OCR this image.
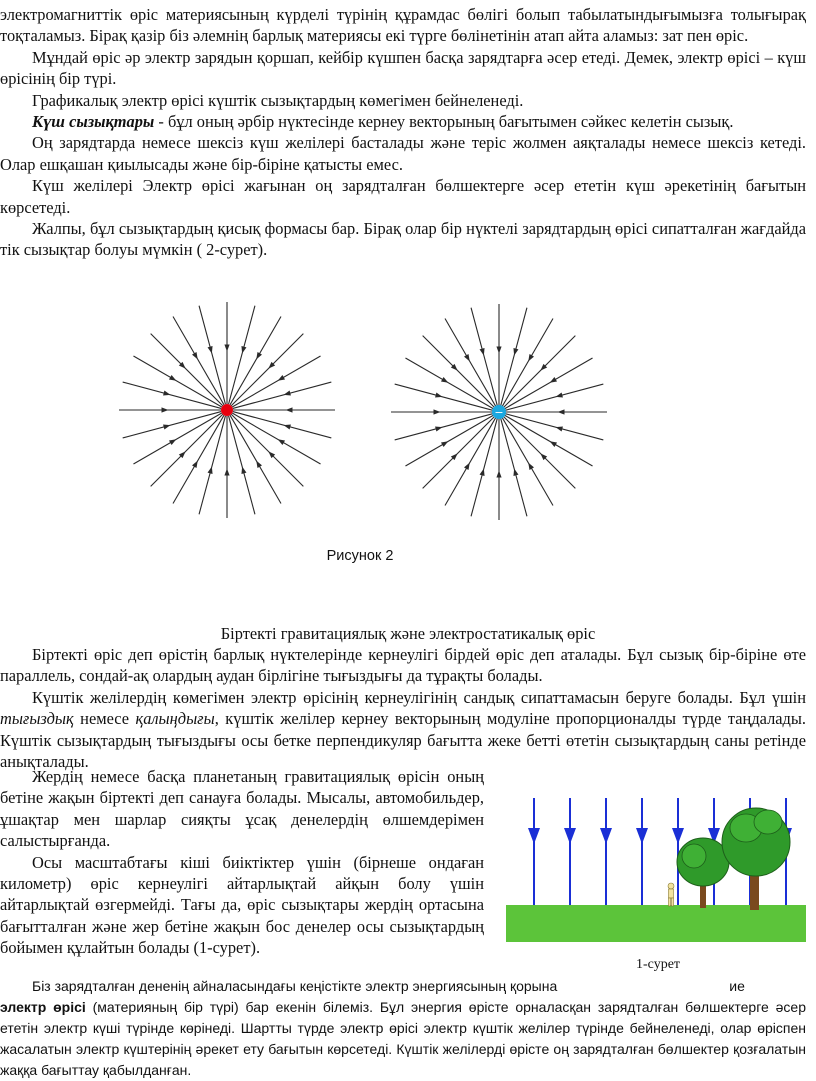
электромагниттік өріс материясының күрделі түрінің құрамдас бөлігі болып табылатындығымызға толығырақ тоқталамыз. Бірақ қазір біз әлемнің барлық материясы екі түрге бөлінетінін атап айта аламыз: зат пен өріс.

Мұндай өріс әр электр зарядын қоршап, кейбір күшпен басқа зарядтарға әсер етеді. Демек, электр өрісі – күш өрісінің бір түрі.

Графикалық электр өрісі күштік сызықтардың көмегімен бейнеленеді.

Күш сызықтары - бұл оның әрбір нүктесінде кернеу векторының бағытымен сәйкес келетін сызық.

Оң зарядтарда немесе шексіз күш желілері басталады және теріс жолмен аяқталады немесе шексіз кетеді. Олар ешқашан қиылысады және бір-біріне қатысты емес.

Күш желілері Электр өрісі жағынан оң зарядталған бөлшектерге әсер ететін күш әрекетінің бағытын көрсетеді.

Жалпы, бұл сызықтардың қисық формасы бар. Бірақ олар бір нүктелі зарядтардың өрісі сипатталған жағдайда тік сызықтар болуы мүмкін ( 2-сурет).

−
Рисунок 2
Біртекті гравитациялық және электростатикалық өріс

Біртекті өріс деп өрістің барлық нүктелерінде кернеулігі бірдей өріс деп аталады. Бұл сызық бір-біріне өте параллель, сондай-ақ олардың аудан бірлігіне тығыздығы да тұрақты болады.

Күштік желілердің көмегімен электр өрісінің кернеулігінің сандық сипаттамасын беруге болады. Бұл үшін тығыздық немесе қалыңдығы, күштік желілер кернеу векторының модуліне пропорционалды түрде таңдалады. Күштік сызықтардың тығыздығы осы бетке перпендикуляр бағытта жеке бетті өтетін сызықтардың саны ретінде анықталады.

Жердің немесе басқа планетаның гравитациялық өрісін оның бетіне жақын біртекті деп санауға болады. Мысалы, автомобильдер, ұшақтар мен шарлар сияқты ұсақ денелердің өлшемдерімен салыстырғанда.

Осы масштабтағы кіші биіктіктер үшін (бірнеше ондаған километр) өріс кернеулігі айтарлықтай айқын болу үшін айтарлықтай өзгермейді. Тағы да, өріс сызықтары жердің ортасына бағытталған және жер бетіне жақын бос денелер осы сызықтардың бойымен құлайтын болады (1-сурет).

1-сурет

Біз зарядталған дененің айналасындағы кеңістікте электр энергиясының қорына	ие

электр өрісі (материяның бір түрі) бар екенін білеміз. Бұл энергия өрісте орналасқан зарядталған бөлшектерге әсер ететін электр күші түрінде көрінеді. Шартты түрде электр өрісі электр күштік желілер түрінде бейнеленеді, олар өріспен жасалатын электр күштерінің әрекет ету бағытын көрсетеді. Күштік желілерді өрісте оң зарядталған бөлшектер қозғалатын жаққа бағыттау қабылданған.
